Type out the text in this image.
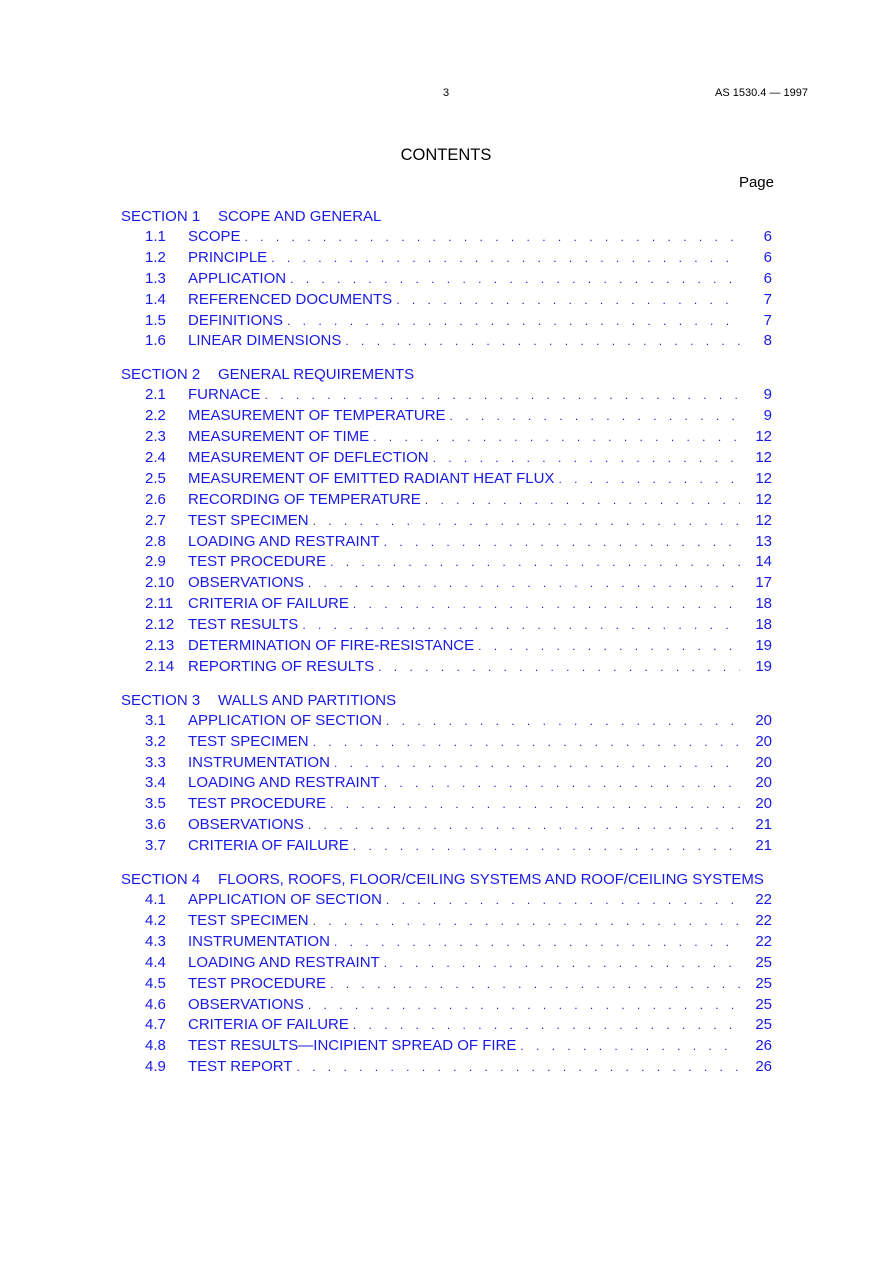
3	AS 1530.4 — 1997
CONTENTS
Page
SECTION 1	SCOPE AND GENERAL
1.1	SCOPE . . .	6
1.2	PRINCIPLE . . .	6
1.3	APPLICATION . . .	6
1.4	REFERENCED DOCUMENTS . . .	7
1.5	DEFINITIONS . . .	7
1.6	LINEAR DIMENSIONS . . .	8
SECTION 2	GENERAL REQUIREMENTS
2.1	FURNACE . . .	9
2.2	MEASUREMENT OF TEMPERATURE . . .	9
2.3	MEASUREMENT OF TIME . . .	12
2.4	MEASUREMENT OF DEFLECTION . . .	12
2.5	MEASUREMENT OF EMITTED RADIANT HEAT FLUX . . .	12
2.6	RECORDING OF TEMPERATURE . . .	12
2.7	TEST SPECIMEN . . .	12
2.8	LOADING AND RESTRAINT . . .	13
2.9	TEST PROCEDURE . . .	14
2.10 OBSERVATIONS . . .	17
2.11 CRITERIA OF FAILURE . . .	18
2.12 TEST RESULTS . . .	18
2.13 DETERMINATION OF FIRE-RESISTANCE . . .	19
2.14 REPORTING OF RESULTS . . .	19
SECTION 3	WALLS AND PARTITIONS
3.1	APPLICATION OF SECTION . . .	20
3.2	TEST SPECIMEN . . .	20
3.3	INSTRUMENTATION . . .	20
3.4	LOADING AND RESTRAINT . . .	20
3.5	TEST PROCEDURE . . .	20
3.6	OBSERVATIONS . . .	21
3.7	CRITERIA OF FAILURE . . .	21
SECTION 4	FLOORS, ROOFS, FLOOR/CEILING SYSTEMS AND ROOF/CEILING SYSTEMS
4.1	APPLICATION OF SECTION . . .	22
4.2	TEST SPECIMEN . . .	22
4.3	INSTRUMENTATION . . .	22
4.4	LOADING AND RESTRAINT . . .	25
4.5	TEST PROCEDURE . . .	25
4.6	OBSERVATIONS . . .	25
4.7	CRITERIA OF FAILURE . . .	25
4.8	TEST RESULTS—INCIPIENT SPREAD OF FIRE . . .	26
4.9	TEST REPORT . . .	26
